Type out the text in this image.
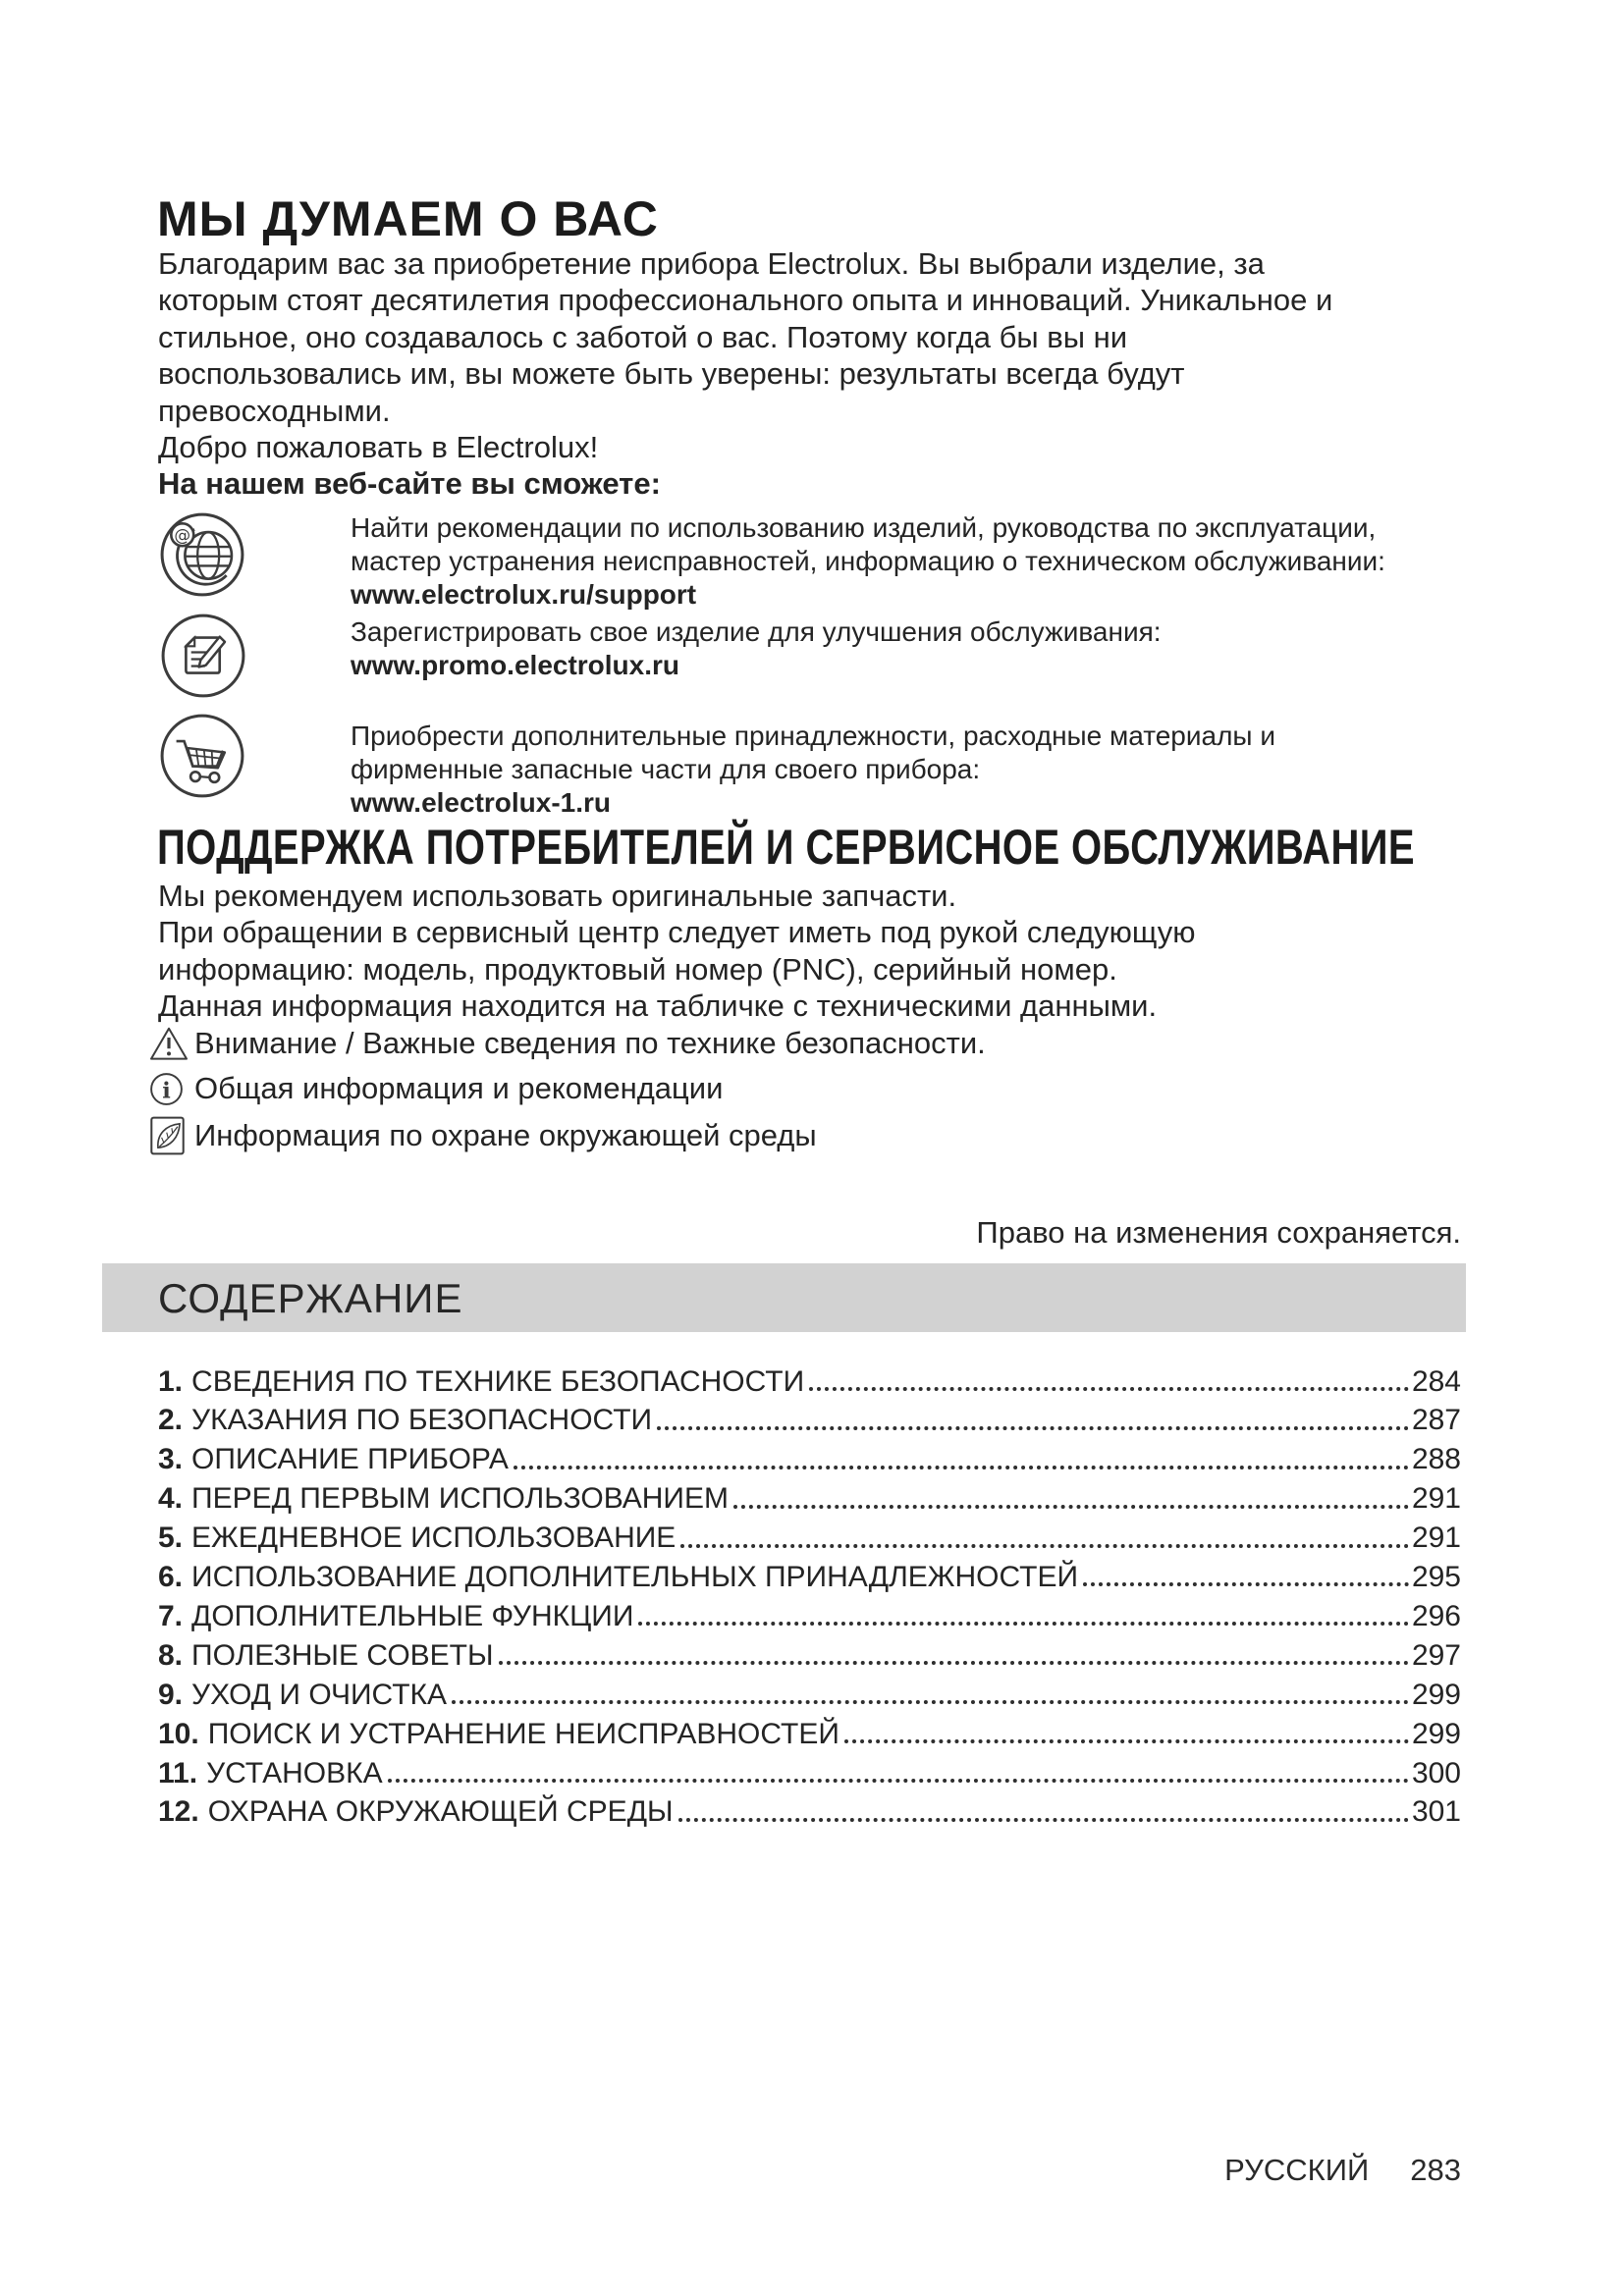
МЫ ДУМАЕМ О ВАС
Благодарим вас за приобретение прибора Electrolux. Вы выбрали изделие, за
которым стоят десятилетия профессионального опыта и инноваций. Уникальное и
стильное, оно создавалось с заботой о вас. Поэтому когда бы вы ни
воспользовались им, вы можете быть уверены: результаты всегда будут
превосходными.
Добро пожаловать в Electrolux!
На нашем веб-сайте вы сможете:
@	Найти рекомендации по использованию изделий, руководства по эксплуатации,
мастер устранения неисправностей, информацию о техническом обслуживании:
www.electrolux.ru/support
Зарегистрировать свое изделие для улучшения обслуживания:
www.promo.electrolux.ru
Приобрести дополнительные принадлежности, расходные материалы и
фирменные запасные части для своего прибора:
www.electrolux-1.ru
ПОДДЕРЖКА ПОТРЕБИТЕЛЕЙ И СЕРВИСНОЕ ОБСЛУЖИВАНИЕ
Мы рекомендуем использовать оригинальные запчасти.
При обращении в сервисный центр следует иметь под рукой следующую
информацию: модель, продуктовый номер (PNC), серийный номер.
Данная информация находится на табличке с техническими данными.
Внимание / Важные сведения по технике безопасности.
i Общая информация и рекомендации
Информация по охране окружающей среды
Право на изменения сохраняется.
СОДЕРЖАНИЕ
1. СВЕДЕНИЯ ПО ТЕХНИКЕ БЕЗОПАСНОСТИ	284
2. УКАЗАНИЯ ПО БЕЗОПАСНОСТИ	287
3. ОПИСАНИЕ ПРИБОРА	288
4. ПЕРЕД ПЕРВЫМ ИСПОЛЬЗОВАНИЕМ	291
5. ЕЖЕДНЕВНОЕ ИСПОЛЬЗОВАНИЕ	291
6. ИСПОЛЬЗОВАНИЕ ДОПОЛНИТЕЛЬНЫХ ПРИНАДЛЕЖНОСТЕЙ	295
7. ДОПОЛНИТЕЛЬНЫЕ ФУНКЦИИ	296
8. ПОЛЕЗНЫЕ СОВЕТЫ	297
9. УХОД И ОЧИСТКА	299
10. ПОИСК И УСТРАНЕНИЕ НЕИСПРАВНОСТЕЙ	299
11. УСТАНОВКА	300
12. ОХРАНА ОКРУЖАЮЩЕЙ СРЕДЫ	301
РУССКИЙ 283
